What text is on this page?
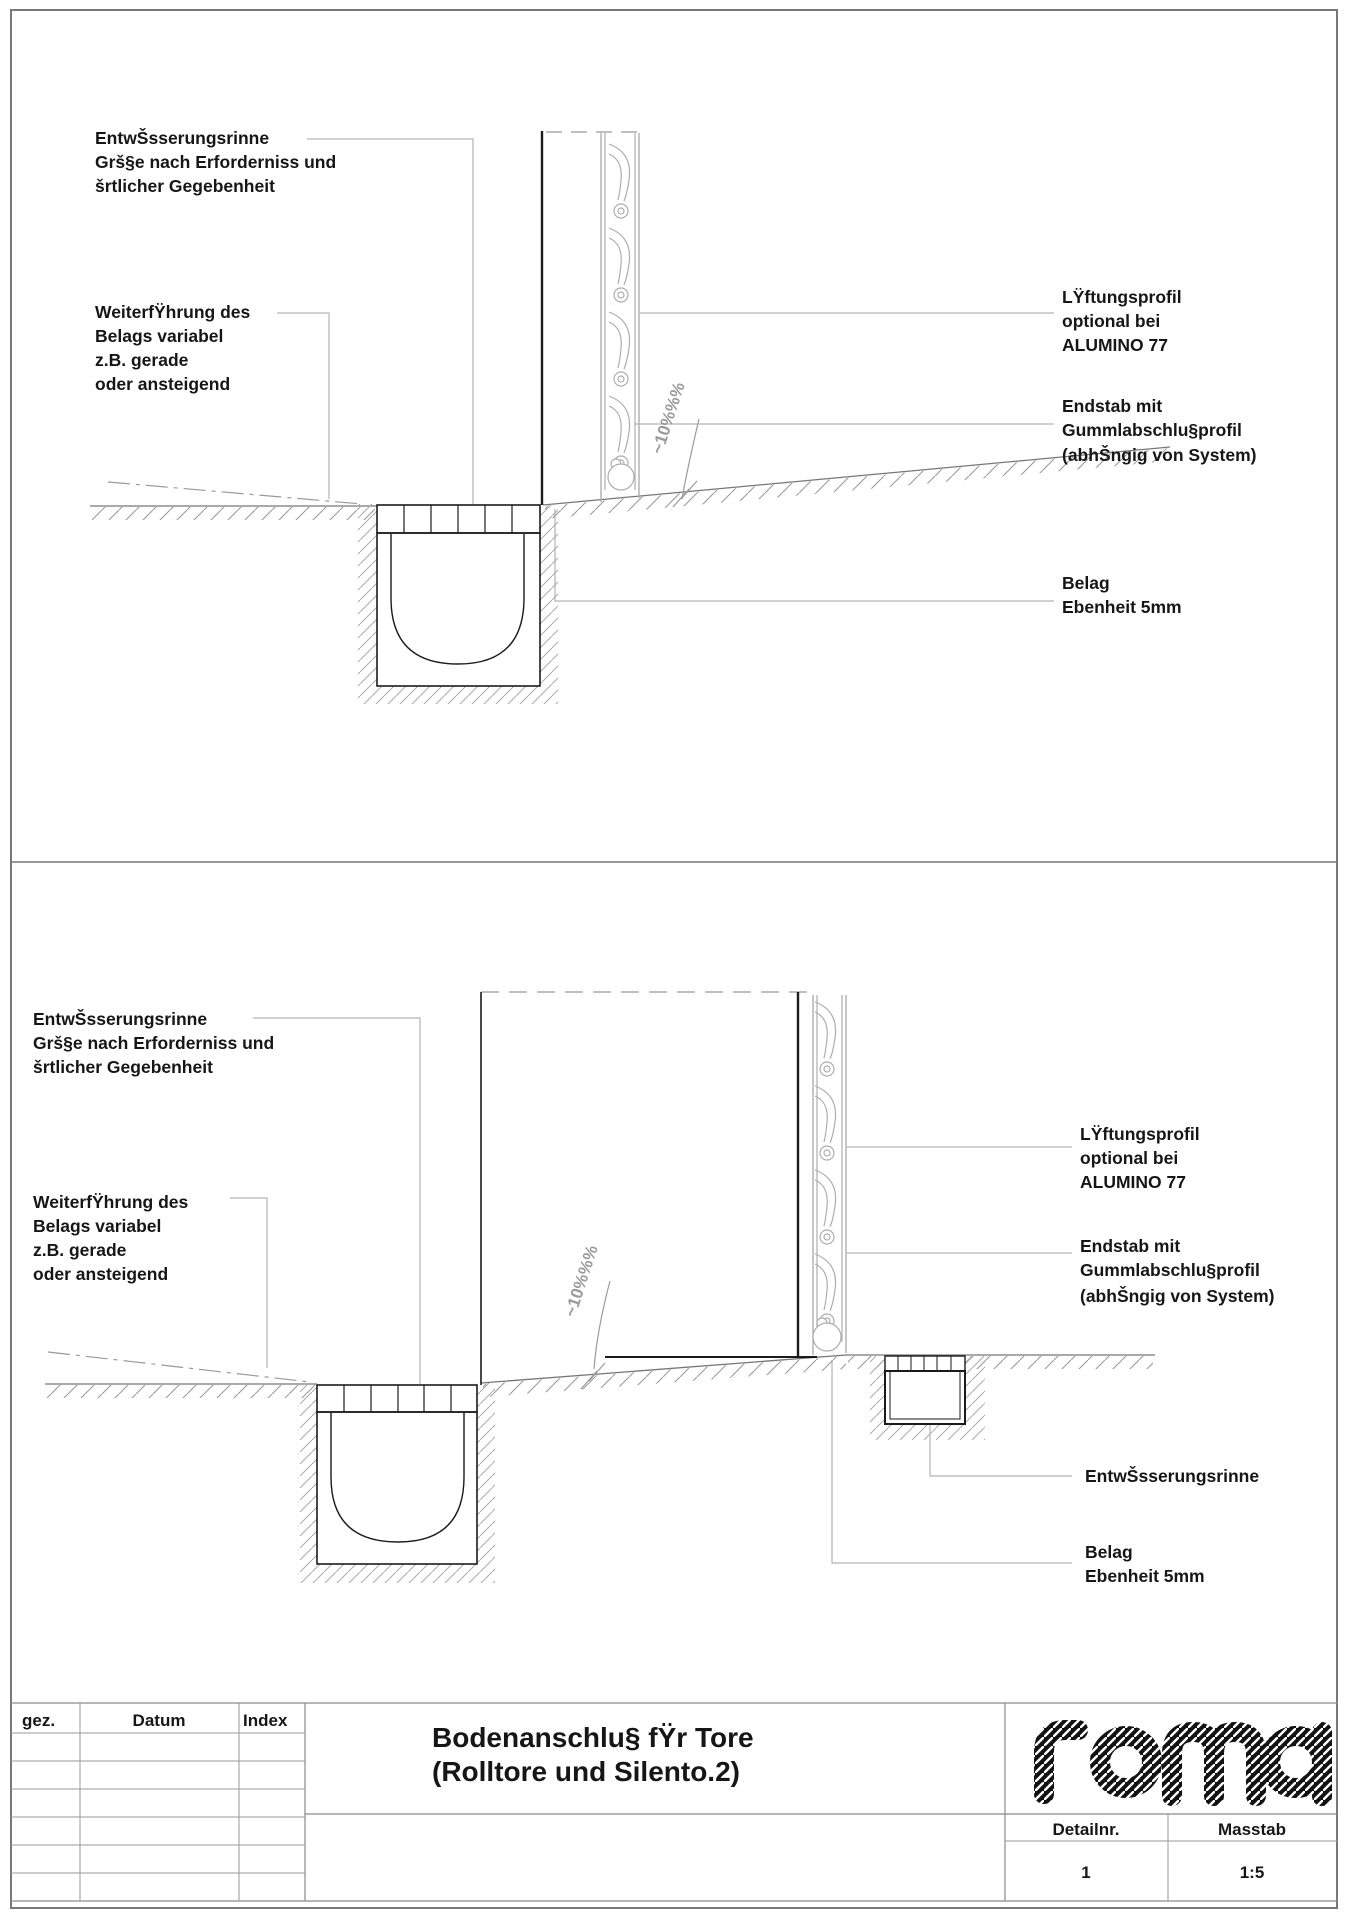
~10%%%
EntwŠsserungsrinne
Grš§e nach Erforderniss und
šrtlicher Gegebenheit
WeiterfŸhrung des
Belags variabel
z.B. gerade
oder ansteigend
LŸftungsprofil
optional bei
ALUMINO 77
Endstab mit
Gummlabschlu§profil
(abhŠngig von System)
Belag
Ebenheit 5mm
~10%%%
EntwŠsserungsrinne
Grš§e nach Erforderniss und
šrtlicher Gegebenheit
WeiterfŸhrung des
Belags variabel
z.B. gerade
oder ansteigend
LŸftungsprofil
optional bei
ALUMINO 77
Endstab mit
Gummlabschlu§profil
(abhŠngig von System)
EntwŠsserungsrinne
Belag
Ebenheit 5mm
gez.	Datum	Index
Bodenanschlu§ fŸr Tore
(Rolltore und Silento.2)
Detailnr.	Masstab
1	1:5
